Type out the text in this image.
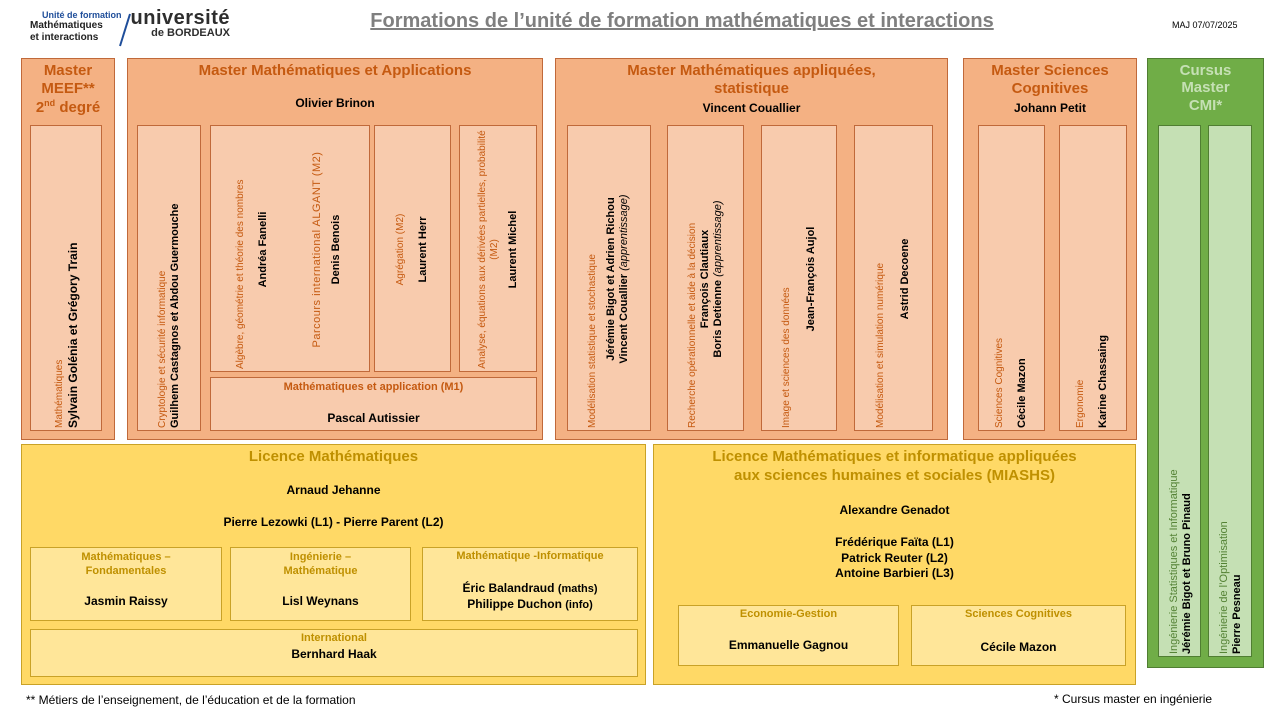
Unité de formation
Mathématiques
et interactions
université
de BORDEAUX
Formations de l’unité de formation mathématiques et interactions	MAJ 07/07/2025
Master
MEEF**
2nd degré
Mathématiques Sylvain Golénia et Grégory Train
Master Mathématiques et Applications
Olivier Brinon
Cryptologie et sécurité informatique Guilhem Castagnos et Abdou Guermouche	Algèbre, géométrie et théorie des nombres Andréa Fanelli	Parcours international ALGANT (M2) Denis Benois	Agrégation (M2) Laurent Herr	Analyse, équations aux dérivées partielles, probabilité (M2) Laurent Michel
Mathématiques et application (M1)
Pascal Autissier
Master Mathématiques appliquées,
statistique
Vincent Couallier
Modélisation statistique et stochastique Jérémie Bigot et Adrien Richou Vincent Couallier (apprentissage)	Recherche opérationnelle et aide à la décision François Clautiaux Boris Detienne (apprentissage)
Image et sciences des données
Jean-François Aujol	Modélisation et simulation numérique Astrid Decoene
Master Sciences
Cognitives
Johann Petit
Sciences Cognitives Cécile Mazon	Ergonomie Karine Chassaing
Cursus
Master
CMI*
Ingénierie Statistiques et Informatique Jérémie Bigot et Bruno Pinaud Ingénierie de l’Optimisation Pierre Pesneau
Licence Mathématiques
Arnaud Jehanne
Pierre Lezowki (L1) - Pierre Parent (L2)
Mathématiques –
Fondamentales
Jasmin Raissy
Ingénierie –
Mathématique
Lisl Weynans
Mathématique -Informatique
Éric Balandraud (maths)
Philippe Duchon (info)
International
Bernhard Haak
Licence Mathématiques et informatique appliquées
aux sciences humaines et sociales (MIASHS)
Alexandre Genadot
Frédérique Faïta (L1)
Patrick Reuter (L2)
Antoine Barbieri (L3)
Economie-Gestion
Emmanuelle Gagnou
Sciences Cognitives
Cécile Mazon
** Métiers de l’enseignement, de l’éducation et de la formation	* Cursus master en ingénierie
